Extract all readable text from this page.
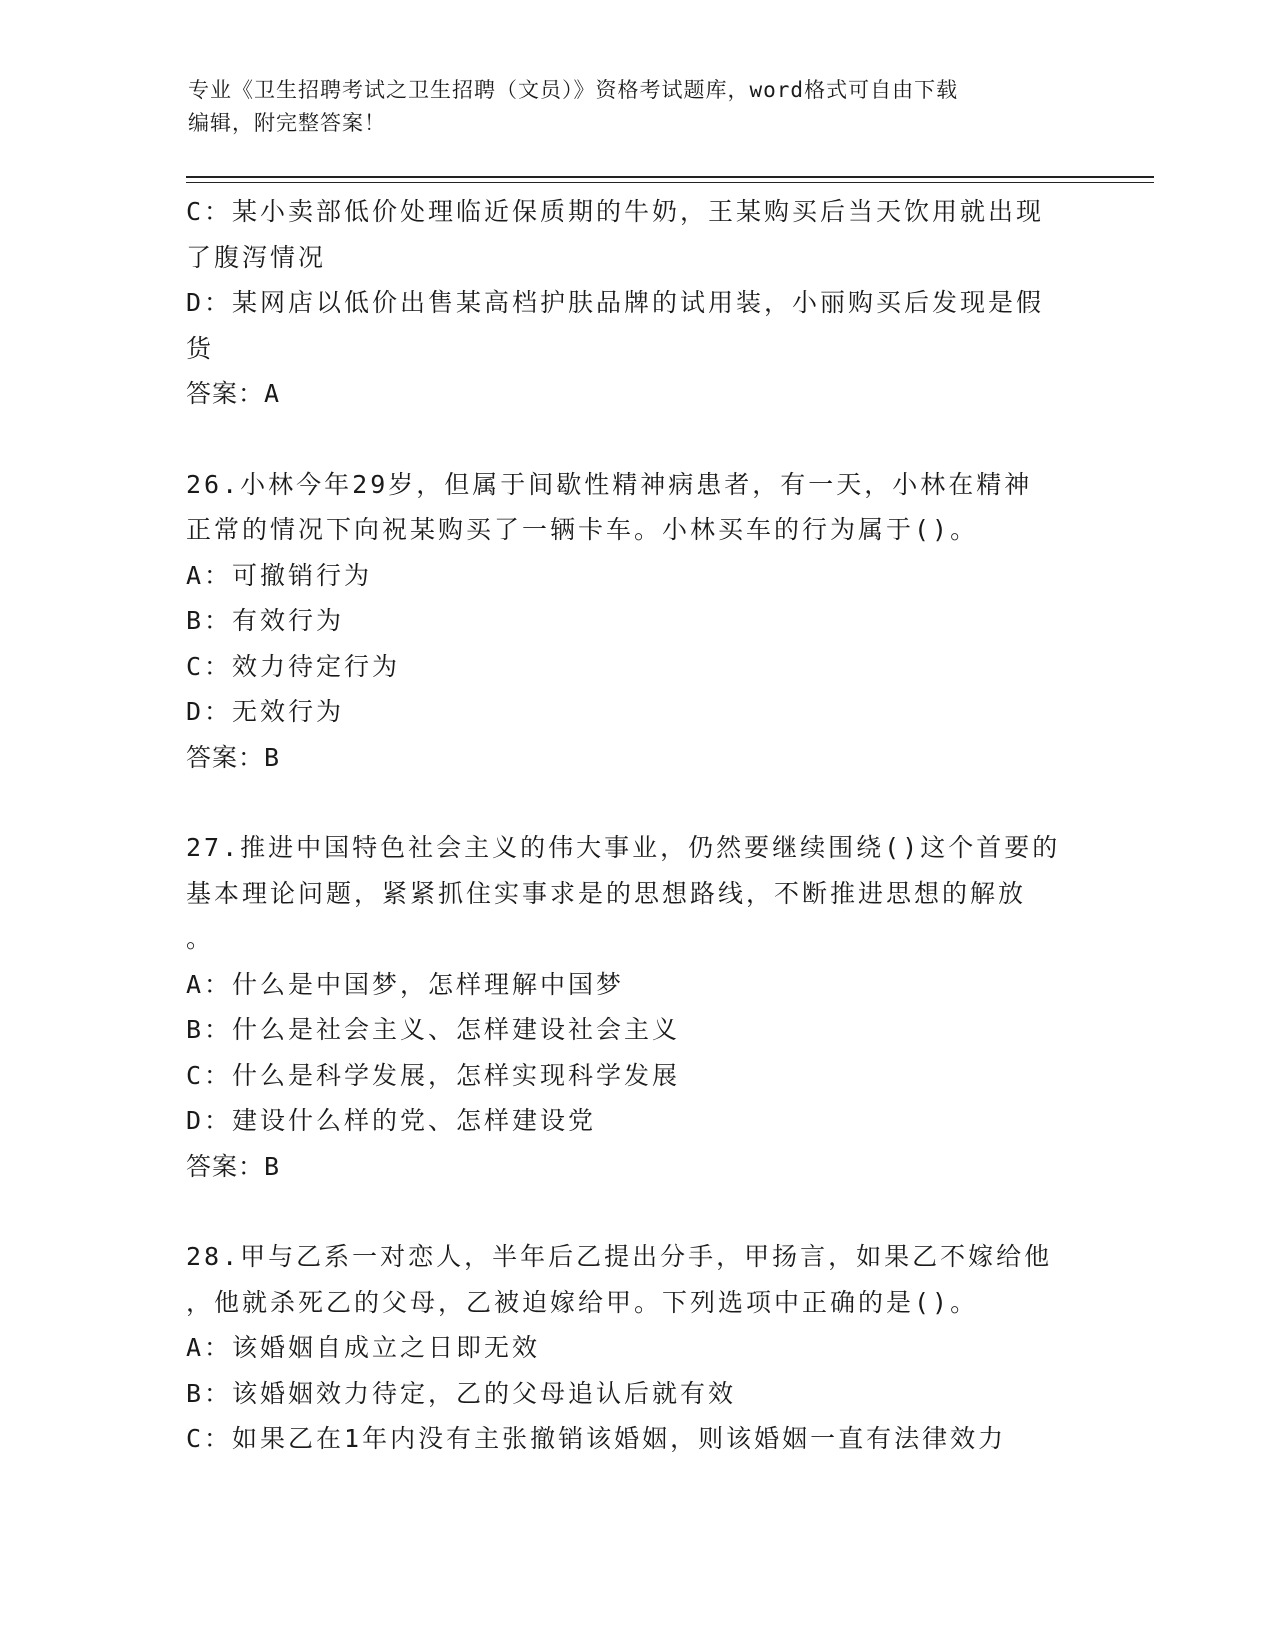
专业《卫生招聘考试之卫生招聘（文员）》资格考试题库，word格式可自由下载
编辑，附完整答案！
C：某小卖部低价处理临近保质期的牛奶，王某购买后当天饮用就出现
了腹泻情况
D：某网店以低价出售某高档护肤品牌的试用装，小丽购买后发现是假
货
答案：A
26.小林今年29岁，但属于间歇性精神病患者，有一天，小林在精神
正常的情况下向祝某购买了一辆卡车。小林买车的行为属于()。
A：可撤销行为
B：有效行为
C：效力待定行为
D：无效行为
答案：B
27.推进中国特色社会主义的伟大事业，仍然要继续围绕()这个首要的
基本理论问题，紧紧抓住实事求是的思想路线，不断推进思想的解放
。
A：什么是中国梦，怎样理解中国梦
B：什么是社会主义、怎样建设社会主义
C：什么是科学发展，怎样实现科学发展
D：建设什么样的党、怎样建设党
答案：B
28.甲与乙系一对恋人，半年后乙提出分手，甲扬言，如果乙不嫁给他
，他就杀死乙的父母，乙被迫嫁给甲。下列选项中正确的是()。
A：该婚姻自成立之日即无效
B：该婚姻效力待定，乙的父母追认后就有效
C：如果乙在1年内没有主张撤销该婚姻，则该婚姻一直有法律效力
